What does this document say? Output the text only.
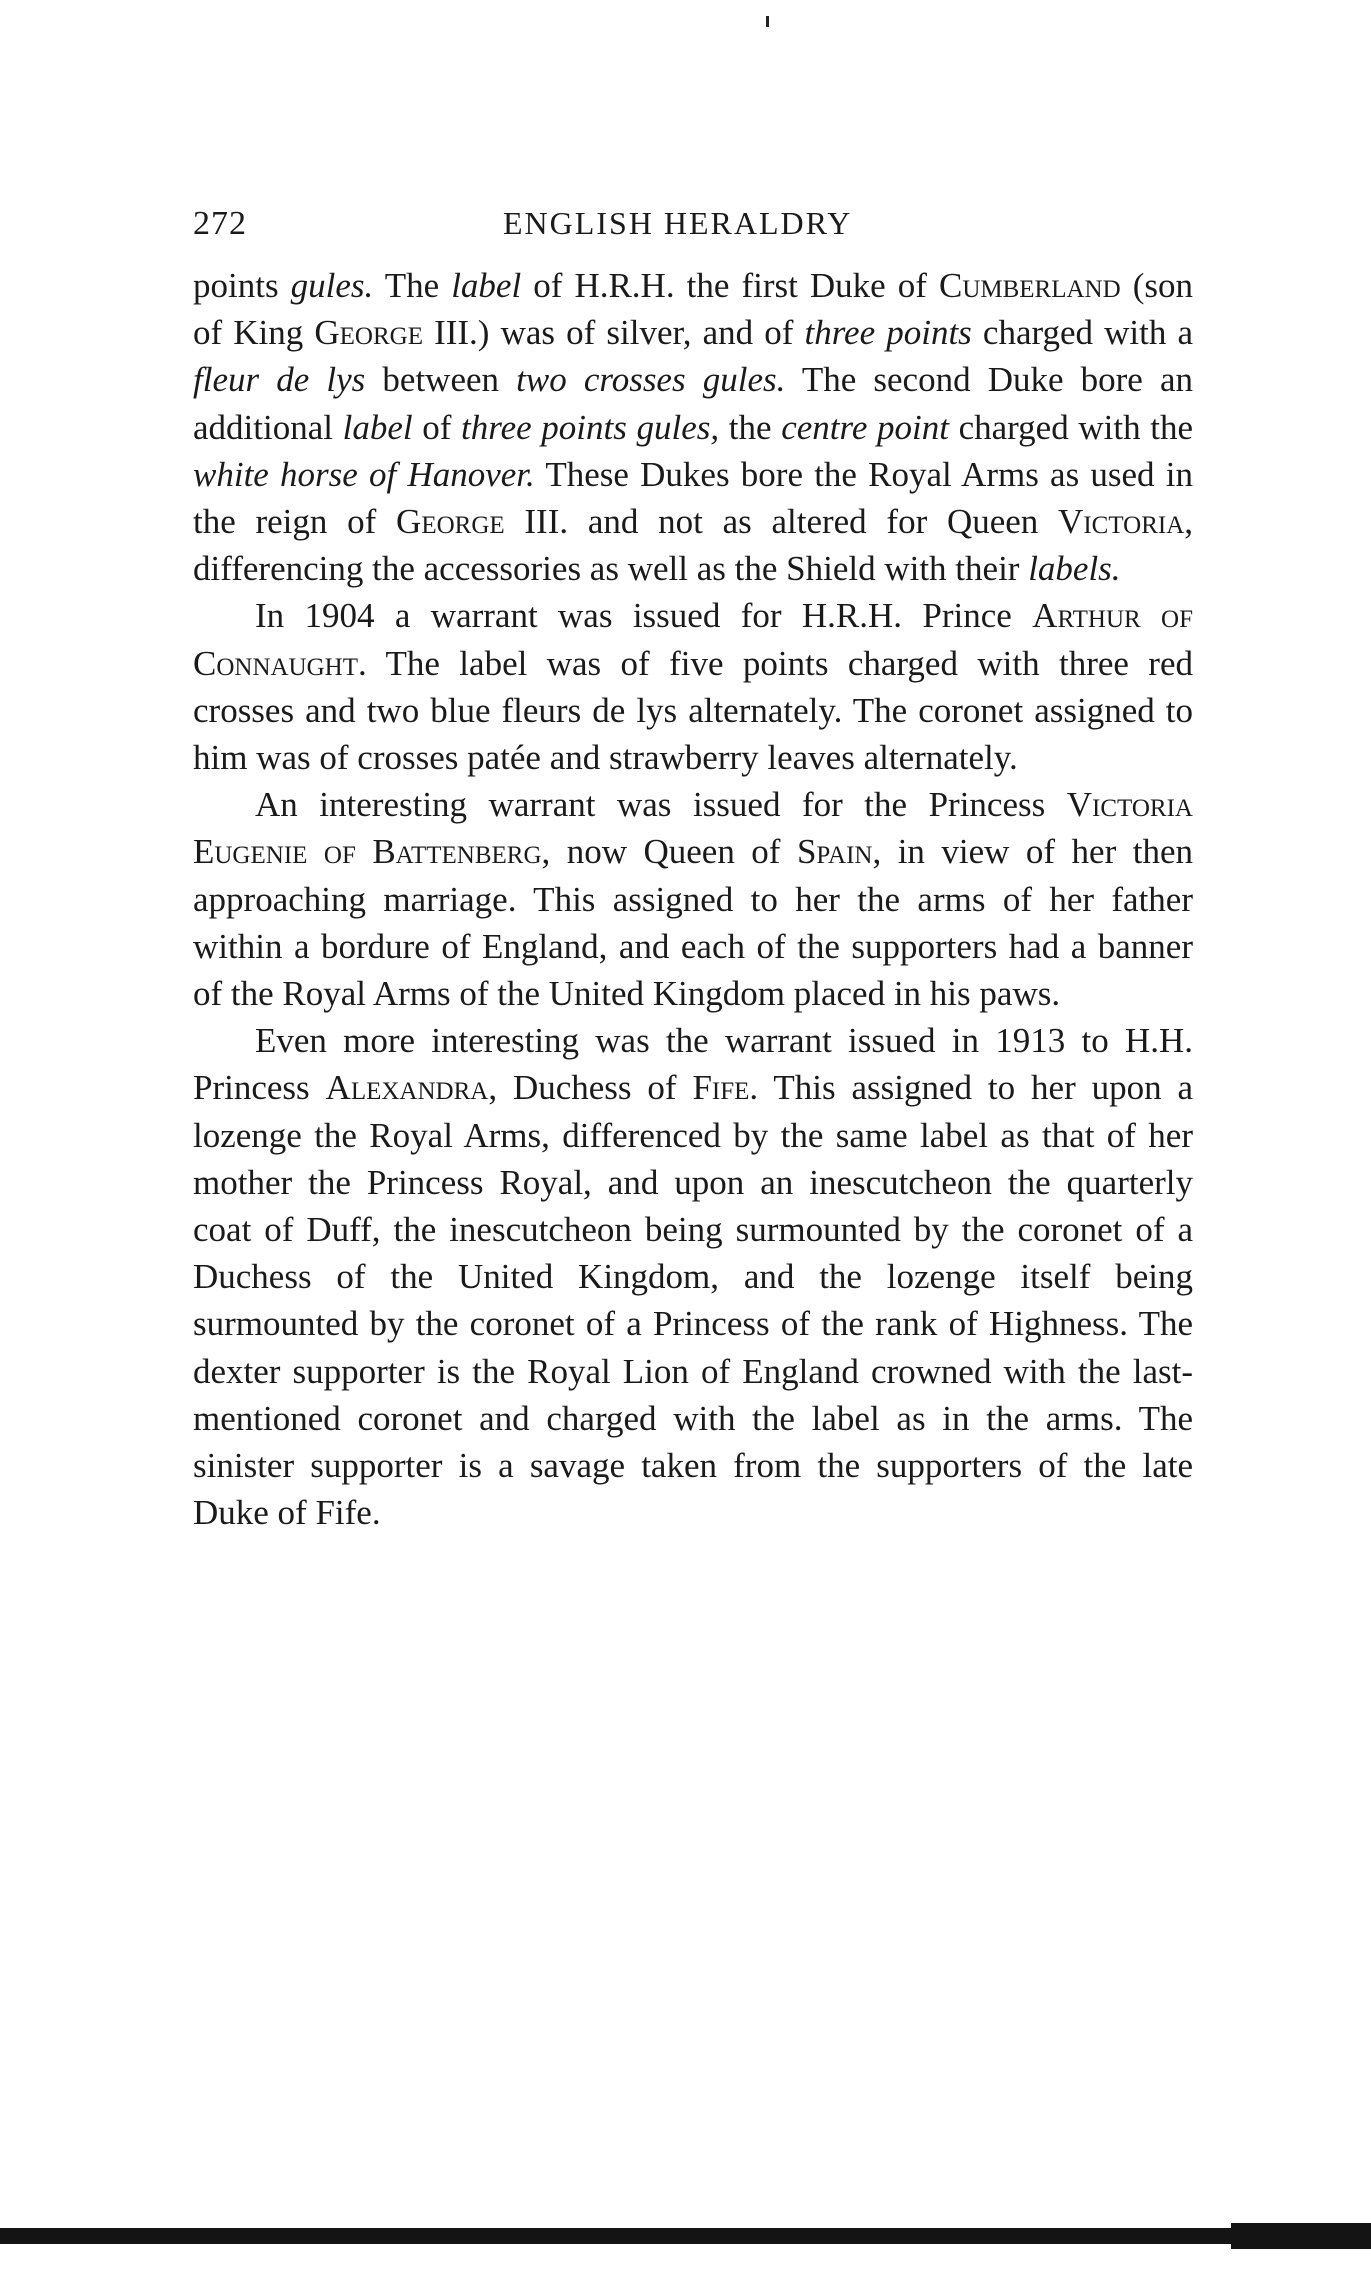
272	ENGLISH HERALDRY

points gules. The label of H.R.H. the first Duke of Cumberland (son of King George III.) was of silver, and of three points charged with a fleur de lys between two crosses gules. The second Duke bore an additional label of three points gules, the centre point charged with the white horse of Hanover. These Dukes bore the Royal Arms as used in the reign of George III. and not as altered for Queen Victoria, differencing the accessories as well as the Shield with their labels.

In 1904 a warrant was issued for H.R.H. Prince Arthur of Connaught. The label was of five points charged with three red crosses and two blue fleurs de lys alternately. The coronet assigned to him was of crosses patée and strawberry leaves alternately.

An interesting warrant was issued for the Princess Victoria Eugenie of Battenberg, now Queen of Spain, in view of her then approaching marriage. This assigned to her the arms of her father within a bordure of England, and each of the supporters had a banner of the Royal Arms of the United Kingdom placed in his paws.

Even more interesting was the warrant issued in 1913 to H.H. Princess Alexandra, Duchess of Fife. This assigned to her upon a lozenge the Royal Arms, differenced by the same label as that of her mother the Princess Royal, and upon an inescutcheon the quarterly coat of Duff, the inescutcheon being surmounted by the coronet of a Duchess of the United Kingdom, and the lozenge itself being surmounted by the coronet of a Princess of the rank of Highness. The dexter supporter is the Royal Lion of England crowned with the last-mentioned coronet and charged with the label as in the arms. The sinister supporter is a savage taken from the supporters of the late Duke of Fife.
